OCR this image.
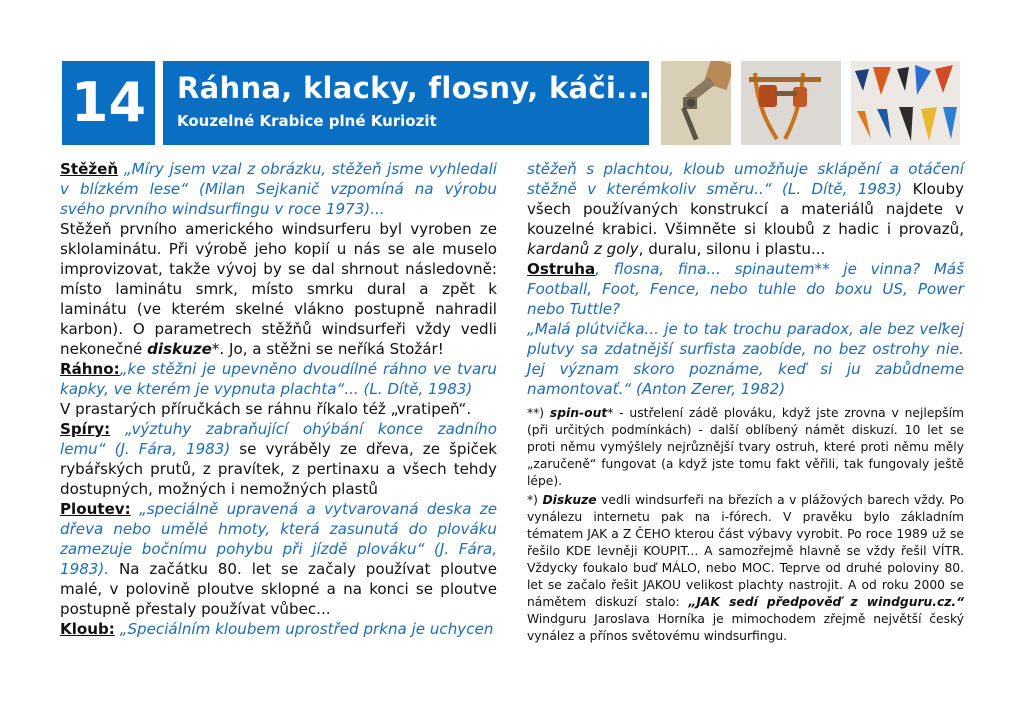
14	Ráhna, klacky, flosny, káči...
Kouzelné Krabice plné Kuriozit

Stěžeň „Míry jsem vzal z obrázku, stěžeň jsme vyhledali v blízkém lese“ (Milan Sejkanič vzpomíná na výrobu svého prvního windsurfingu v roce 1973)...

Stěžeň prvního amerického windsurferu byl vyroben ze sklolaminátu. Při výrobě jeho kopií u nás se ale muselo improvizovat, takže vývoj by se dal shrnout následovně: místo laminátu smrk, místo smrku dural a zpět k laminátu (ve kterém skelné vlákno postupně nahradil karbon). O parametrech stěžňů windsurfeři vždy vedli nekonečné diskuze*. Jo, a stěžni se neříká Stožár!

Ráhno:„ke stěžni je upevněno dvoudílné ráhno ve tvaru kapky, ve kterém je vypnuta plachta“... (L. Dítě, 1983)

V prastarých příručkách se ráhnu říkalo též „vratipeň“.

Spíry: „výztuhy zabraňující ohýbání konce zadního lemu“ (J. Fára, 1983) se vyráběly ze dřeva, ze špiček rybářských prutů, z pravítek, z pertinaxu a všech tehdy dostupných, možných i nemožných plastů

Ploutev: „speciálně upravená a vytvarovaná deska ze dřeva nebo umělé hmoty, která zasunutá do plováku zamezuje bočnímu pohybu při jízdě plováku“ (J. Fára, 1983). Na začátku 80. let se začaly používat ploutve malé, v polovině ploutve sklopné a na konci se ploutve postupně přestaly používat vůbec...

Kloub: „Speciálním kloubem uprostřed prkna je uchycen

stěžeň s plachtou, kloub umožňuje sklápění a otáčení stěžně v kterémkoliv směru..“ (L. Dítě, 1983) Klouby všech používaných konstrukcí a materiálů najdete v kouzelné krabici. Všimněte si kloubů z hadic i provazů, kardanů z goly, duralu, silonu i plastu...

Ostruha, flosna, fina... spinautem** je vinna? Máš Football, Foot, Fence, nebo tuhle do boxu US, Power nebo Tuttle?

„Malá plútvička... je to tak trochu paradox, ale bez veľkej plutvy sa zdatnější surfista zaobíde, no bez ostrohy nie. Jej význam skoro poznáme, keď si ju zabůdneme namontovať.“ (Anton Zerer, 1982)

**) spin-out* - ustřelení zádě plováku, když jste zrovna v nejlepším (při určitých podmínkách) - další oblíbený námět diskuzí. 10 let se proti němu vymýšlely nejrůznější tvary ostruh, které proti němu měly „zaručeně“ fungovat (a když jste tomu fakt věřili, tak fungovaly ještě lépe).

*) Diskuze vedli windsurfeři na březích a v plážových barech vždy. Po vynálezu internetu pak na i-fórech. V pravěku bylo základním tématem JAK a Z ČEHO kterou část výbavy vyrobit. Po roce 1989 už se řešilo KDE levněji KOUPIT... A samozřejmě hlavně se vždy řešil VÍTR. Vždycky foukalo buď MÁLO, nebo MOC. Teprve od druhé poloviny 80. let se začalo řešit JAKOU velikost plachty nastrojit. A od roku 2000 se námětem diskuzí stalo: „JAK sedí předpověď z windguru.cz.“ Windguru Jaroslava Horníka je mimochodem zřejmě největší český vynález a přínos světovému windsurfingu.
